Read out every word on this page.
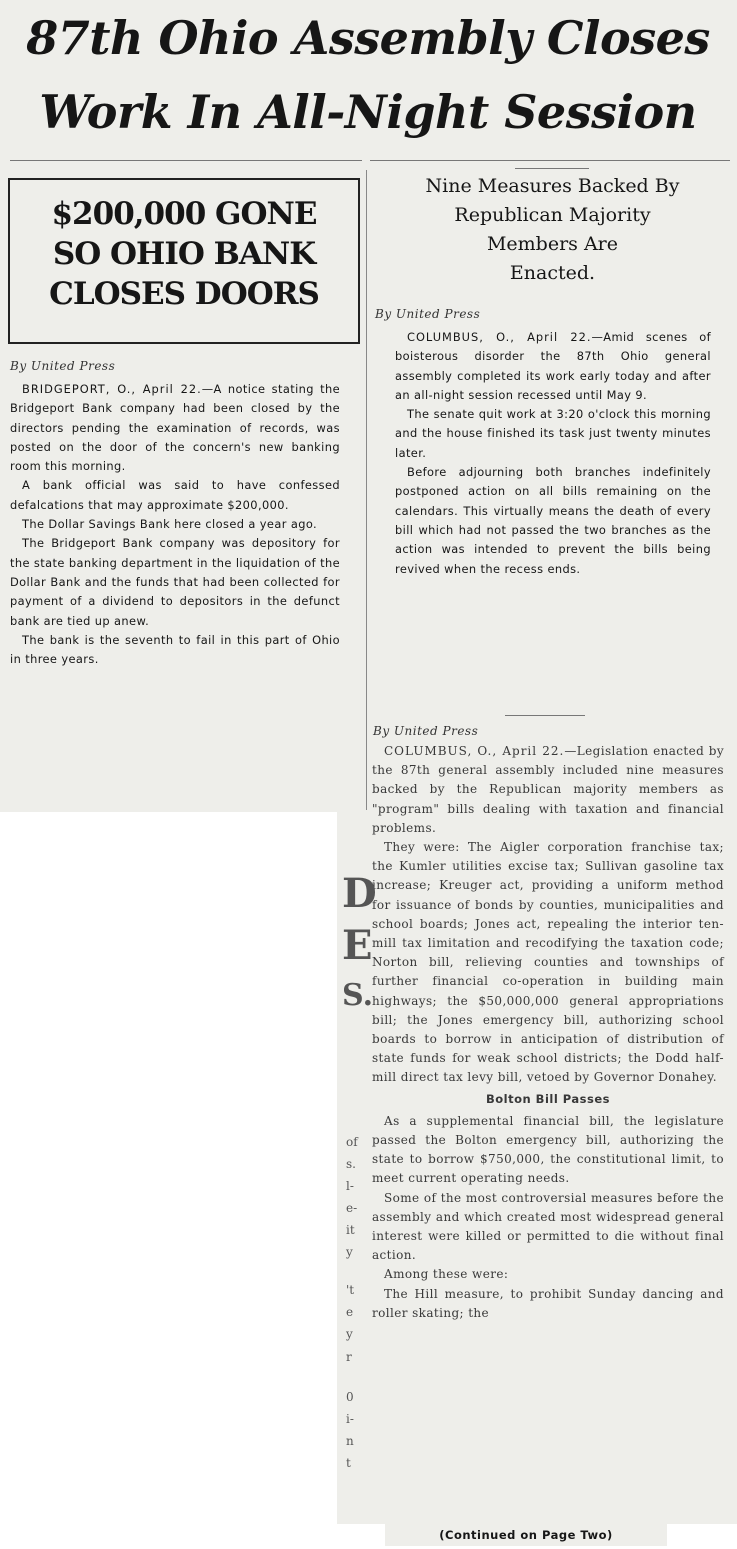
87th Ohio Assembly Closes
Work In All-Night Session
$200,000 GONE
SO OHIO BANK
CLOSES DOORS
By United Press

BRIDGEPORT, O., April 22.—A notice stating the Bridgeport Bank company had been closed by the directors pending the examination of records, was posted on the door of the concern's new banking room this morning.

A bank official was said to have confessed defalcations that may approximate $200,000.

The Dollar Savings Bank here closed a year ago.

The Bridgeport Bank company was depository for the state banking department in the liquidation of the Dollar Bank and the funds that had been collected for payment of a dividend to depositors in the defunct bank are tied up anew.

The bank is the seventh to fail in this part of Ohio in three years.

Nine Measures Backed By
Republican Majority
Members Are
Enacted.
By United Press

COLUMBUS, O., April 22.—Amid scenes of boisterous disorder the 87th Ohio general assembly completed its work early today and after an all-night session recessed until May 9.

The senate quit work at 3:20 o'clock this morning and the house finished its task just twenty minutes later.

Before adjourning both branches indefinitely postponed action on all bills remaining on the calendars. This virtually means the death of every bill which had not passed the two branches as the action was intended to prevent the bills being revived when the recess ends.

By United Press

COLUMBUS, O., April 22.—Legislation enacted by the 87th general assembly included nine measures backed by the Republican majority members as "program" bills dealing with taxation and financial problems.

They were: The Aigler corporation franchise tax; the Kumler utilities excise tax; Sullivan gasoline tax increase; Kreuger act, providing a uniform method for issuance of bonds by counties, municipalities and school boards; Jones act, repealing the interior ten-mill tax limitation and recodifying the taxation code; Norton bill, relieving counties and townships of further financial co-operation in building main highways; the $50,000,000 general appropriations bill; the Jones emergency bill, authorizing school boards to borrow in anticipation of distribution of state funds for weak school districts; the Dodd half-mill direct tax levy bill, vetoed by Governor Donahey.

Bolton Bill Passes

As a supplemental financial bill, the legislature passed the Bolton emergency bill, authorizing the state to borrow $750,000, the constitutional limit, to meet current operating needs.

Some of the most controversial measures before the assembly and which created most widespread general interest were killed or permitted to die without final action.

Among these were:

The Hill measure, to prohibit Sunday dancing and roller skating; the

D
E
S.
of
s.
l-
e-
it
y
't
e
y
r
0
i-
n
t
(Continued on Page Two)
